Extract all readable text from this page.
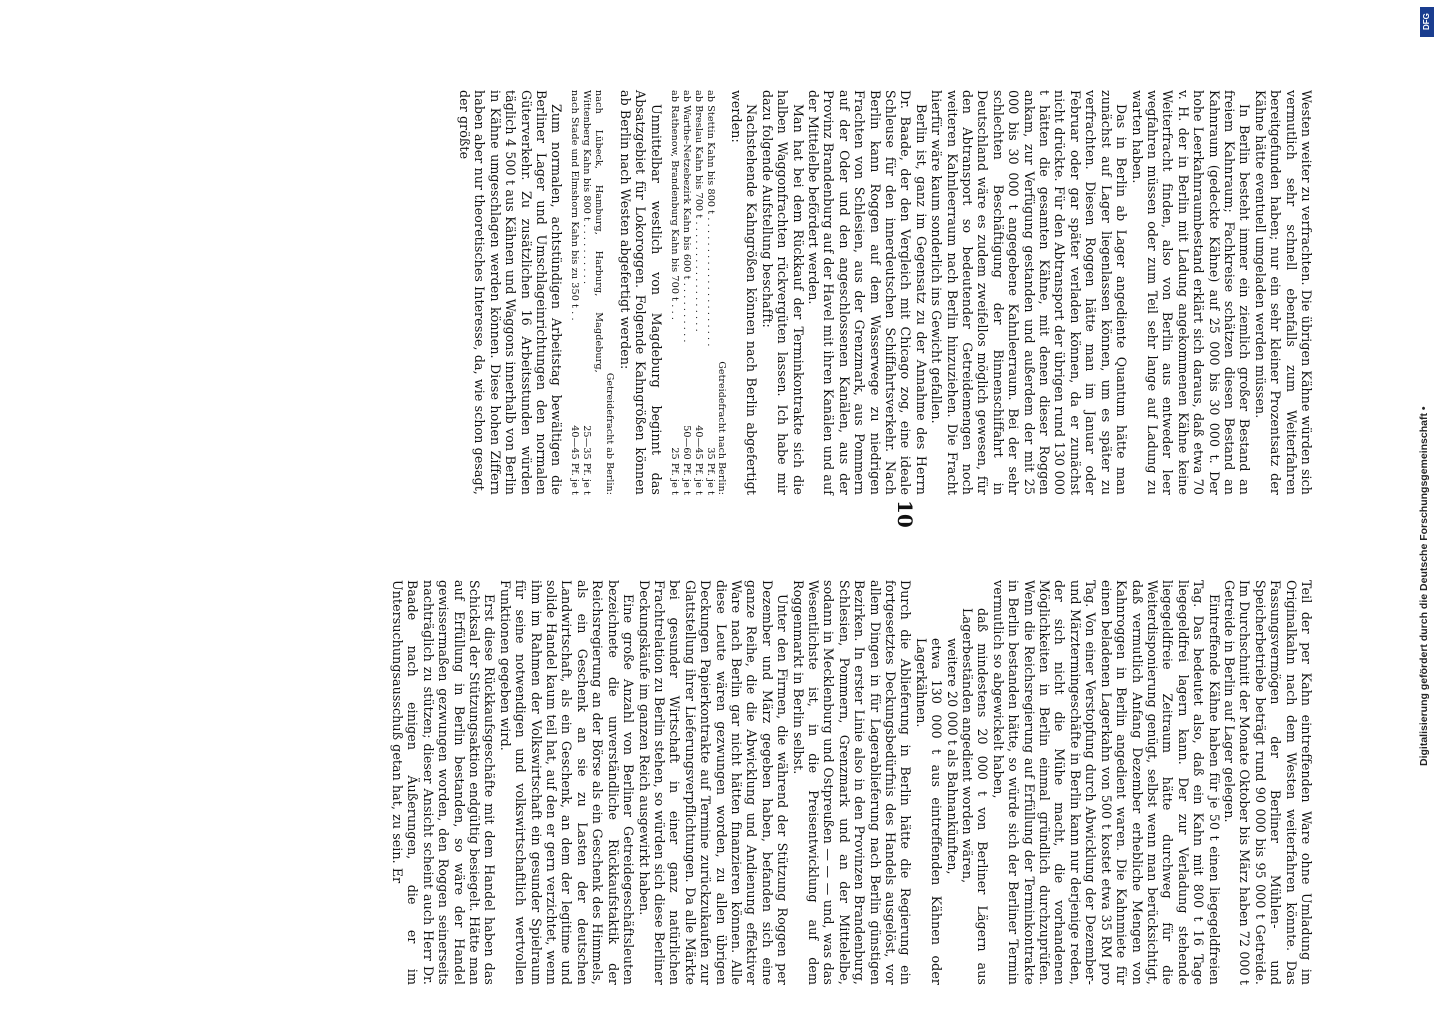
10

Westen weiter zu verfrachten. Die übrigen Kähne würden sich vermutlich sehr schnell ebenfalls zum Weiterfahren bereitgefunden haben; nur ein sehr kleiner Prozentsatz der Kähne hätte eventuell umgeladen werden müssen.

In Berlin besteht immer ein ziemlich großer Bestand an freiem Kahnraum; Fachkreise schätzen diesen Bestand an Kahnraum (gedeckte Kähne) auf 25 000 bis 30 000 t. Der hohe Leerkahnraumbestand erklärt sich daraus, daß etwa 70 v. H. der in Berlin mit Ladung angekommenen Kähne keine Weiterfracht finden, also von Berlin aus entweder leer wegfahren müssen oder zum Teil sehr lange auf Ladung zu warten haben.

Das in Berlin ab Lager angediente Quantum hätte man zunächst auf Lager liegenlassen können, um es später zu verfrachten. Diesen Roggen hätte man im Januar oder Februar oder gar später verladen können, da er zunächst nicht drückte. Für den Abtransport der übrigen rund 130 000 t hätten die gesamten Kähne, mit denen dieser Roggen ankam, zur Verfügung gestanden und außerdem der mit 25 000 bis 30 000 t angegebene Kahnleerraum. Bei der sehr schlechten Beschäftigung der Binnenschiffahrt in Deutschland wäre es zudem zweifellos möglich gewesen, für den Abtransport so bedeutender Getreidemengen noch weiteren Kahnleerraum nach Berlin hinzuziehen. Die Fracht hierfür wäre kaum sonderlich ins Gewicht gefallen.

Berlin ist, ganz im Gegensatz zu der Annahme des Herrn Dr. Baade, der den Vergleich mit Chicago zog, eine ideale Schleuse für den innerdeutschen Schiffahrtsverkehr. Nach Berlin kann Roggen auf dem Wasserwege zu niedrigen Frachten von Schlesien, aus der Grenzmark, aus Pommern auf der Oder und den angeschlossenen Kanälen, aus der Provinz Brandenburg auf der Havel mit ihren Kanälen und auf der Mittelelbe befördert werden.

Man hat bei dem Rückkauf der Terminkontrakte sich die halben Waggonfrachten rückvergüten lassen. Ich habe mir dazu folgende Aufstellung beschafft:

Nachstehende Kahngrößen können nach Berlin abgefertigt werden:

	Getreidefracht nach Berlin:
ab Stettin Kahn bis 800 t . . . . . . . . . . . . . . . . . . . . .	35 Pf. je t
ab Breslau Kahn bis 700 t . . . . . . . . . . . . . . . . . .	40—45 Pf. je t
ab Warthe-Netzebezirk Kahn bis 600 t . . . . . . . . . .	50—60 Pf. je t
ab Rathenow, Brandenburg Kahn bis 700 t . . .	25 Pf. je t

Unmittelbar westlich von Magdeburg beginnt das Absatzgebiet für Lokoroggen. Folgende Kahngrößen können ab Berlin nach Westen abgefertigt werden:

	Getreidefracht ab Berlin:
nach Lübeck, Hamburg, Harburg, Magdeburg, Wittenberg Kahn bis 800 t . . . . . . . . . .	25—35 Pf. je t
nach Stade und Elmshorn Kahn bis zu 350 t . .	40—45 Pf. je t

Zum normalen, achtstündigen Arbeitstag bewältigen die Berliner Lager und Umschlageinrichtungen den normalen Güterverkehr. Zu zusätzlichen 16 Arbeitsstunden würden täglich 4 500 t aus Kähnen und Waggons innerhalb von Berlin in Kähne umgeschlagen werden können. Diese hohen Ziffern haben aber nur theoretisches Interesse, da, wie schon gesagt, der größte

Teil der per Kahn eintreffenden Ware ohne Umladung im Originalkahn nach dem Westen weiterfahren könnte. Das Fassungsvermögen der Berliner Mühlen- und Speicherbetriebe beträgt rund 90 000 bis 95 000 t Getreide. Im Durchschnitt der Monate Oktober bis März haben 72 000 t Getreide in Berlin auf Lager gelegen.

Eintreffende Kähne haben für je 50 t einen liegegeldfreien Tag. Das bedeutet also, daß ein Kahn mit 800 t 16 Tage liegegeldfrei lagern kann. Der zur Verladung stehende liegegeldfreie Zeitraum hätte durchweg für die Weiterdisponierung genügt, selbst wenn man berücksichtigt, daß vermutlich Anfang Dezember erhebliche Mengen von Kahnroggen in Berlin angedient waren. Die Kahnmiete für einen beladenen Lagerkahn von 500 t kostet etwa 35 RM pro Tag. Von einer Verstopfung durch Abwicklung der Dezember- und Märztermingeschäfte in Berlin kann nur derjenige reden, der sich nicht die Mühe macht, die vorhandenen Möglichkeiten in Berlin einmal gründlich durchzuprüfen. Wenn die Reichsregierung auf Erfüllung der Terminkontrakte in Berlin bestanden hätte, so würde sich der Berliner Termin vermutlich so abgewickelt haben,

daß mindestens 20 000 t von Berliner Lägern aus Lagerbeständen angedient worden wären,

weitere 20 000 t als Bahnankünften,

etwa 130 000 t aus eintreffenden Kähnen oder Lagerkähnen.

Durch die Ablieferung in Berlin hätte die Regierung ein fortgesetztes Deckungsbedürfnis des Handels ausgelöst, vor allem Dingen in für Lagerablieferung nach Berlin günstigen Bezirken. In erster Linie also in den Provinzen Brandenburg, Schlesien, Pommern, Grenzmark und an der Mittelelbe, sodann in Mecklenburg und Ostpreußen — — — und, was das Wesentlichste ist, in die Preisentwicklung auf dem Roggenmarkt in Berlin selbst.

Unter den Firmen, die während der Stützung Roggen per Dezember und März gegeben haben, befanden sich eine ganze Reihe, die die Abwicklung und Andienung effektiver Ware nach Berlin gar nicht hätten finanzieren können. Alle diese Leute wären gezwungen worden, zu allen übrigen Deckungen Papierkontrakte auf Termine zurückzukaufen zur Glattstellung ihrer Lieferungsverpflichtungen. Da alle Märkte bei gesunder Wirtschaft in einer ganz natürlichen Frachtrelation zu Berlin stehen, so würden sich diese Berliner Deckungskäufe im ganzen Reich ausgewirkt haben.

Eine große Anzahl von Berliner Getreidegeschäftsleuten bezeichnete die unverständliche Rückkaufstaktik der Reichsregierung an der Börse als ein Geschenk des Himmels, als ein Geschenk an sie zu Lasten der deutschen Landwirtschaft, als ein Geschenk, an dem der legitime und solide Handel kaum teil hat, auf den er gern verzichtet, wenn ihm im Rahmen der Volkswirtschaft ein gesunder Spielraum für seine notwendigen und volkswirtschaftlich wertvollen Funktionen gegeben wird.

Erst diese Rückkaufsgeschäfte mit dem Handel haben das Schicksal der Stützungsaktion endgültig besiegelt. Hätte man auf Erfüllung in Berlin bestanden, so wäre der Handel gewissermaßen gezwungen worden, den Roggen seinerseits nachträglich zu stützen; dieser Ansicht scheint auch Herr Dr. Baade nach einigen Äußerungen, die er im Untersuchungsausschuß getan hat, zu sein. Er	Digitalisierung gefördert durch die Deutsche Forschungsgemeinschaft •
DFG
